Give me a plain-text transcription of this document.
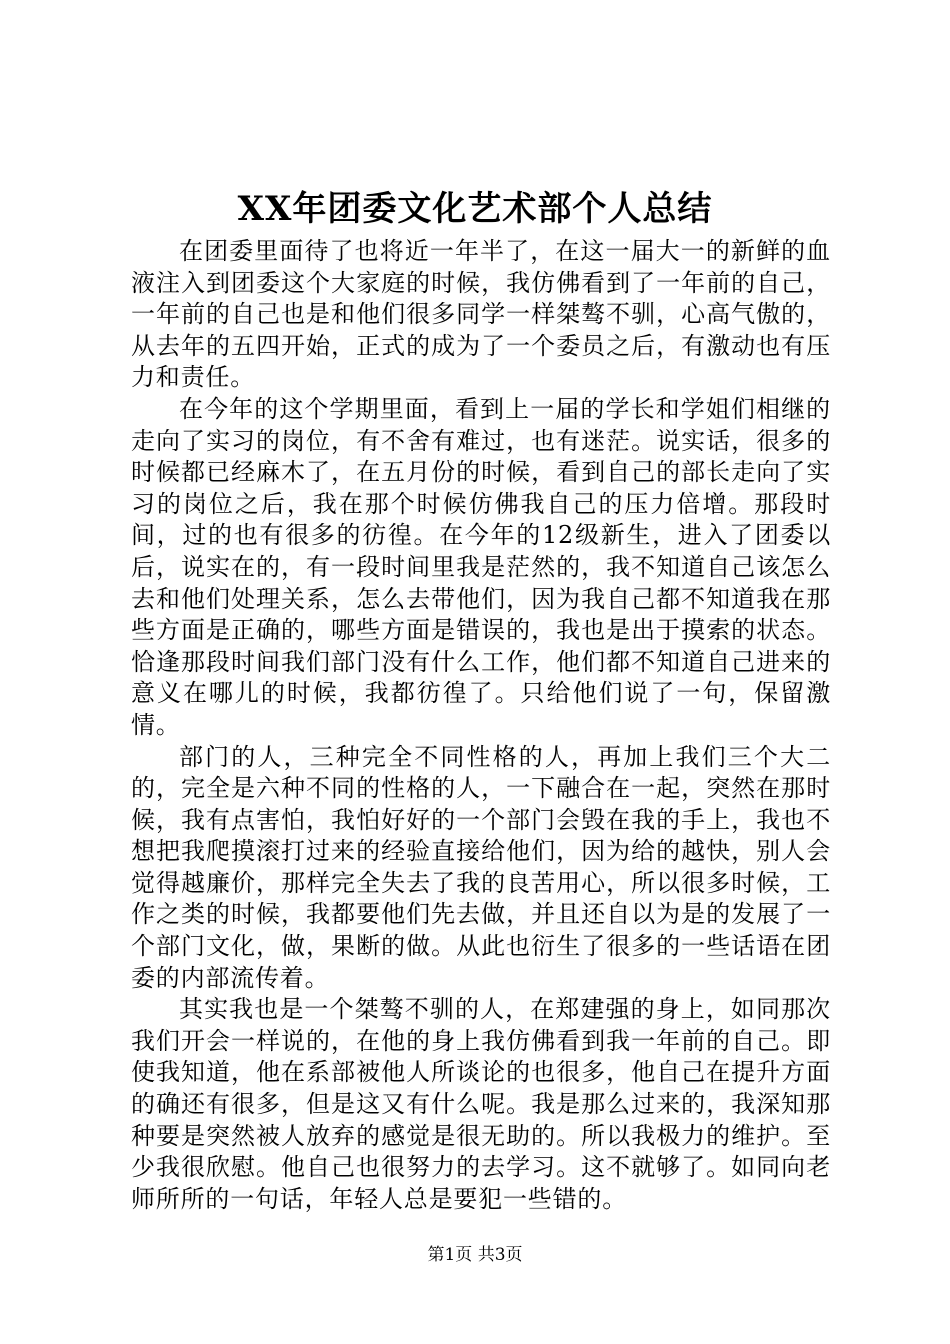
XX年团委文化艺术部个人总结

在团委里面待了也将近一年半了，在这一届大一的新鲜的血液注入到团委这个大家庭的时候，我仿佛看到了一年前的自己，一年前的自己也是和他们很多同学一样桀骜不驯，心高气傲的，从去年的五四开始，正式的成为了一个委员之后，有激动也有压力和责任。

在今年的这个学期里面，看到上一届的学长和学姐们相继的走向了实习的岗位，有不舍有难过，也有迷茫。说实话，很多的时候都已经麻木了，在五月份的时候，看到自己的部长走向了实习的岗位之后，我在那个时候仿佛我自己的压力倍增。那段时间，过的也有很多的彷徨。在今年的12级新生，进入了团委以后，说实在的，有一段时间里我是茫然的，我不知道自己该怎么去和他们处理关系，怎么去带他们，因为我自己都不知道我在那些方面是正确的，哪些方面是错误的，我也是出于摸索的状态。恰逢那段时间我们部门没有什么工作，他们都不知道自己进来的意义在哪儿的时候，我都彷徨了。只给他们说了一句，保留激情。

部门的人，三种完全不同性格的人，再加上我们三个大二的，完全是六种不同的性格的人，一下融合在一起，突然在那时候，我有点害怕，我怕好好的一个部门会毁在我的手上，我也不想把我爬摸滚打过来的经验直接给他们，因为给的越快，别人会觉得越廉价，那样完全失去了我的良苦用心，所以很多时候，工作之类的时候，我都要他们先去做，并且还自以为是的发展了一个部门文化，做，果断的做。从此也衍生了很多的一些话语在团委的内部流传着。

其实我也是一个桀骜不驯的人，在郑建强的身上，如同那次我们开会一样说的，在他的身上我仿佛看到我一年前的自己。即使我知道，他在系部被他人所谈论的也很多，他自己在提升方面的确还有很多，但是这又有什么呢。我是那么过来的，我深知那种要是突然被人放弃的感觉是很无助的。所以我极力的维护。至少我很欣慰。他自己也很努力的去学习。这不就够了。如同向老师所所的一句话，年轻人总是要犯一些错的。

第1页 共3页
